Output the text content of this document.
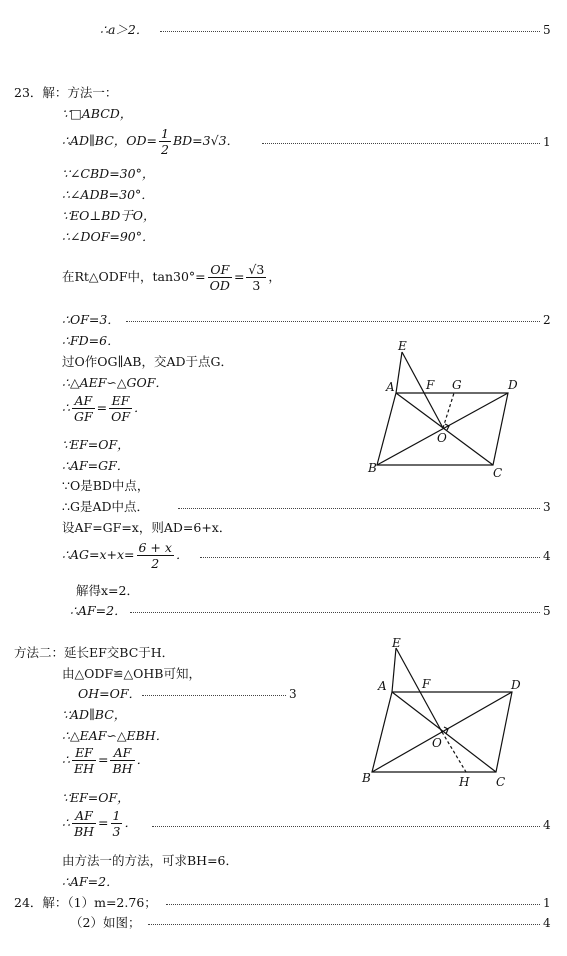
∴a＞2．	5
23．解：方法一：
∵□ABCD，
∴AD∥BC，$OD= \frac{1}{2} BD=3√3$．	1
∵∠CBD=30°，
∴∠ADB=30°．
∵EO⊥BD于O，
∴∠DOF=90°．
在Rt△ODF中，$\tan 30^\circ= \frac{OF}{OD} = \frac{√3}{3}$ ，
∴OF=3．	2
∴FD=6．
过O作OG∥AB，交AD于点G．
∴△AEF∽△GOF．
∴ $\frac{AF}{GF} = \frac{EF}{OF}$ ．
∵EF=OF，
∴AF=GF．
∵O是BD中点，
∴G是AD中点．	3
设AF=GF=x，则AD=6+x．
∴AG=x+x= $\frac{6 + x}{2}$ ．	4
解得x=2．
∴AF=2．	5
方法二：延长EF交BC于H．
由△ODF≌△OHB可知，
OH=OF．	3
∵AD∥BC，
∴△EAF∽△EBH．
∴ $\frac{EF}{EH} = \frac{AF}{BH}$ ．
∵EF=OF，
∴ $\frac{AF}{BH} = \frac{1}{3}$ ．	4
由方法一的方法，可求BH=6．
∴AF=2．
24．解：（1）m=2.76；	1
（2）如图；	4
E
A	F G	D
O
B	C
E
A	F	D
O
B	H C
